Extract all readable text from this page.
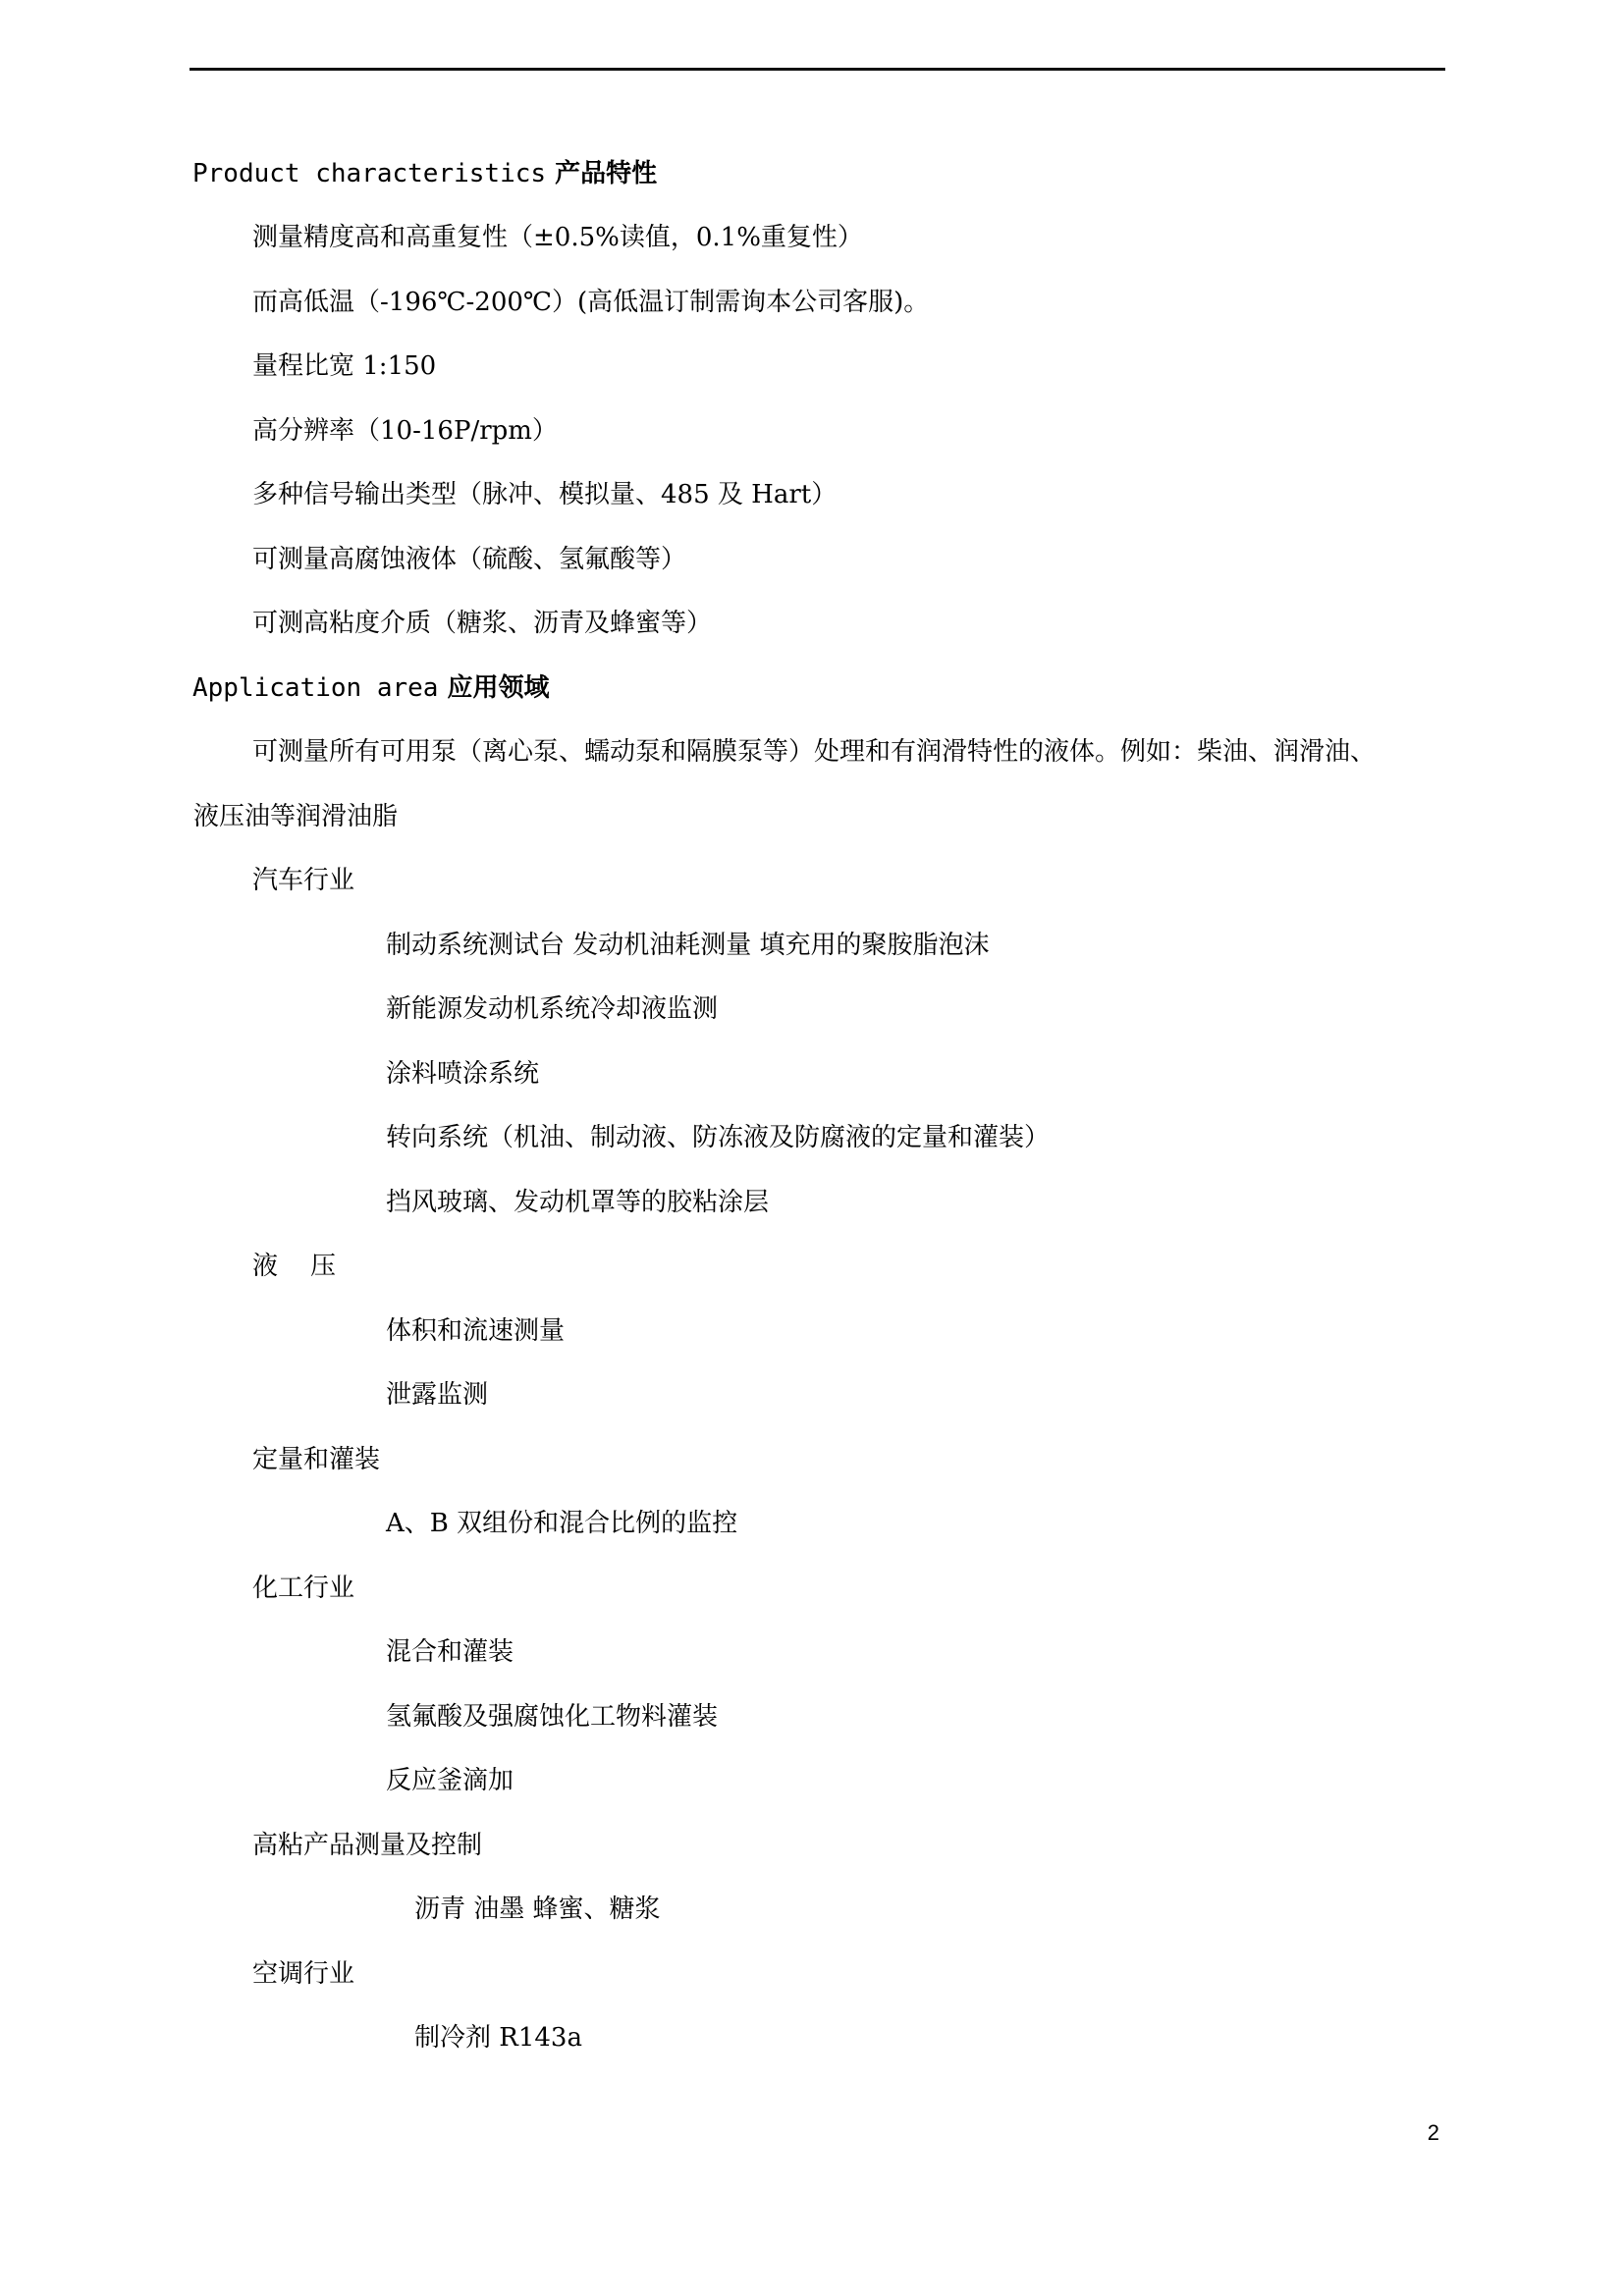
Product characteristics 产品特性
测量精度高和高重复性（±0.5%读值，0.1%重复性）
而高低温（-196℃-200℃）(高低温订制需询本公司客服)。
量程比宽 1:150
高分辨率（10-16P/rpm）
多种信号输出类型（脉冲、模拟量、485 及 Hart）
可测量高腐蚀液体（硫酸、氢氟酸等）
可测高粘度介质（糖浆、沥青及蜂蜜等）
Application area 应用领域
可测量所有可用泵（离心泵、蠕动泵和隔膜泵等）处理和有润滑特性的液体。例如：柴油、润滑油、
液压油等润滑油脂
汽车行业
制动系统测试台 发动机油耗测量 填充用的聚胺脂泡沫
新能源发动机系统冷却液监测
涂料喷涂系统
转向系统（机油、制动液、防冻液及防腐液的定量和灌装）
挡风玻璃、发动机罩等的胶粘涂层
液    压
体积和流速测量
泄露监测
定量和灌装
A、B 双组份和混合比例的监控
化工行业
混合和灌装
氢氟酸及强腐蚀化工物料灌装
反应釜滴加
高粘产品测量及控制
沥青 油墨 蜂蜜、糖浆
空调行业
制冷剂 R143a
2
